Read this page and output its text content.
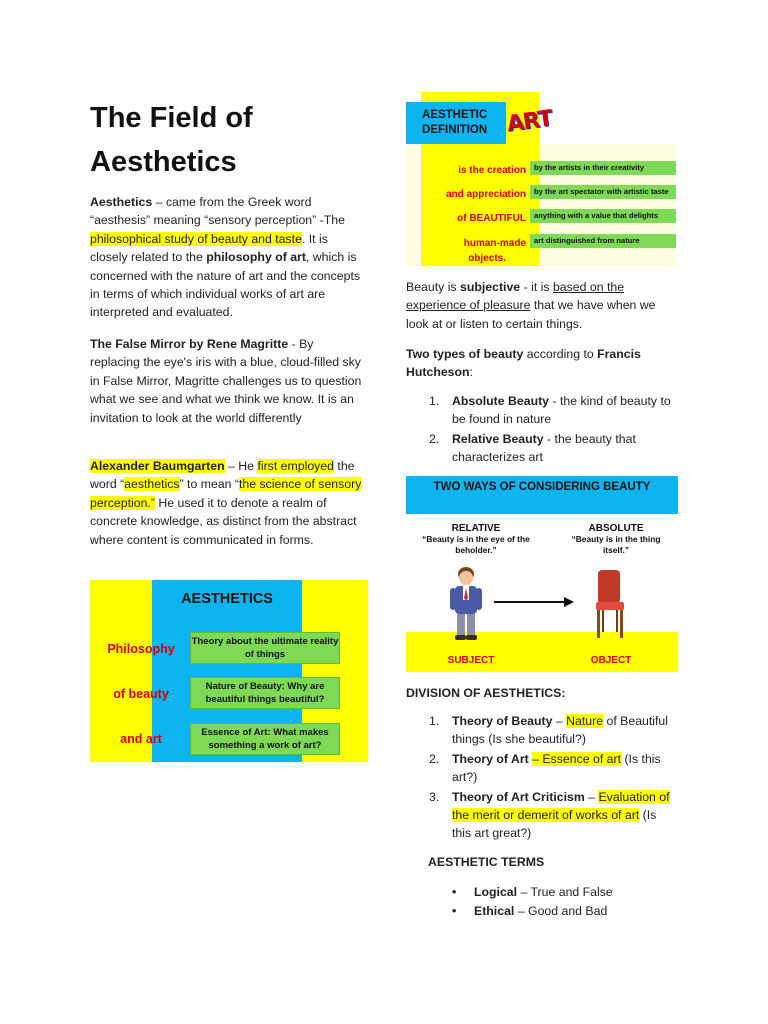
The Field of
Aesthetics
Aesthetics – came from the Greek word “aesthesis” meaning “sensory perception” -The philosophical study of beauty and taste. It is closely related to the philosophy of art, which is concerned with the nature of art and the concepts in terms of which individual works of art are interpreted and evaluated.
The False Mirror by Rene Magritte - By replacing the eye's iris with a blue, cloud-filled sky in False Mirror, Magritte challenges us to question what we see and what we think we know. It is an invitation to look at the world differently
Alexander Baumgarten – He first employed the word “aesthetics” to mean “the science of sensory perception.” He used it to denote a realm of concrete knowledge, as distinct from the abstract where content is communicated in forms.
AESTHETICS
Philosophy
of beauty
and art
Theory about the ultimate reality of things
Nature of Beauty: Why are beautiful things beautiful?
Essence of Art: What makes something a work of art?
AESTHETIC DEFINITION ART
is the creation
and appreciation
of BEAUTIFUL
human-made
objects.
by the artists in their creativity
by the art spectator with artistic taste
anything with a value that delights
art distinguished from nature
Beauty is subjective - it is based on the experience of pleasure that we have when we look at or listen to certain things.
Two types of beauty according to Francis Hutcheson:
1. Absolute Beauty - the kind of beauty to be found in nature
2. Relative Beauty - the beauty that characterizes art
TWO WAYS OF CONSIDERING BEAUTY
RELATIVE
“Beauty is in the eye of the beholder.”
ABSOLUTE
“Beauty is in the thing itself.”
SUBJECT	OBJECT
DIVISION OF AESTHETICS:
1. Theory of Beauty – Nature of Beautiful things (Is she beautiful?)
2. Theory of Art – Essence of art (Is this art?)
3. Theory of Art Criticism – Evaluation of the merit or demerit of works of art (Is this art great?)
AESTHETIC TERMS
• Logical – True and False
• Ethical – Good and Bad
